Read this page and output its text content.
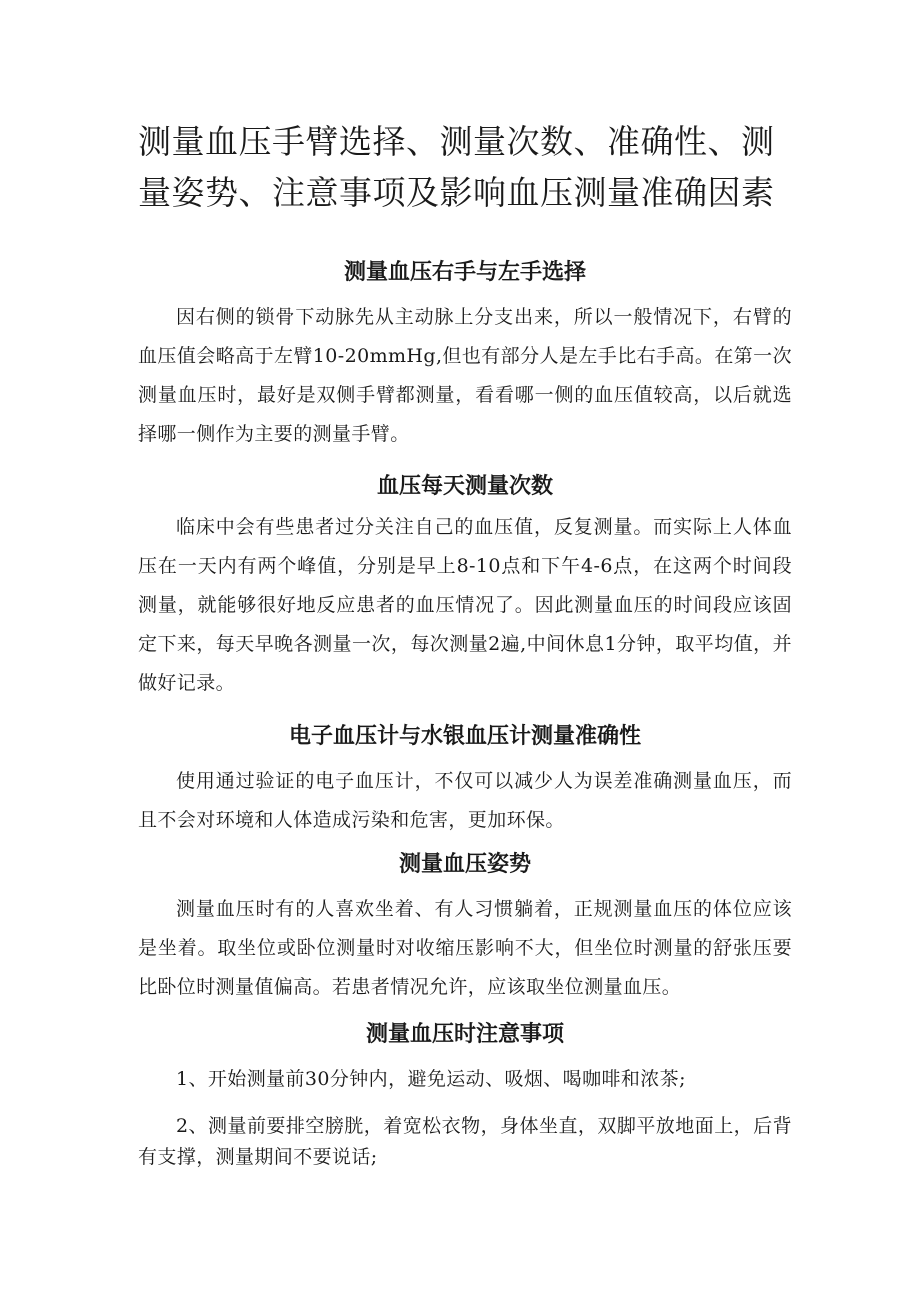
测量血压手臂选择、测量次数、准确性、测量姿势、注意事项及影响血压测量准确因素
测量血压右手与左手选择

因右侧的锁骨下动脉先从主动脉上分支出来，所以一般情况下，右臂的血压值会略高于左臂10-20mmHg,但也有部分人是左手比右手高。在第一次测量血压时，最好是双侧手臂都测量，看看哪一侧的血压值较高，以后就选择哪一侧作为主要的测量手臂。

血压每天测量次数

临床中会有些患者过分关注自己的血压值，反复测量。而实际上人体血压在一天内有两个峰值，分别是早上8-10点和下午4-6点，在这两个时间段测量，就能够很好地反应患者的血压情况了。因此测量血压的时间段应该固定下来，每天早晚各测量一次，每次测量2遍,中间休息1分钟，取平均值，并做好记录。

电子血压计与水银血压计测量准确性

使用通过验证的电子血压计，不仅可以减少人为误差准确测量血压，而且不会对环境和人体造成污染和危害，更加环保。

测量血压姿势

测量血压时有的人喜欢坐着、有人习惯躺着，正规测量血压的体位应该是坐着。取坐位或卧位测量时对收缩压影响不大，但坐位时测量的舒张压要比卧位时测量值偏高。若患者情况允许，应该取坐位测量血压。

测量血压时注意事项

1、开始测量前30分钟内，避免运动、吸烟、喝咖啡和浓茶;

2、测量前要排空膀胱，着宽松衣物，身体坐直，双脚平放地面上，后背有支撑，测量期间不要说话;
